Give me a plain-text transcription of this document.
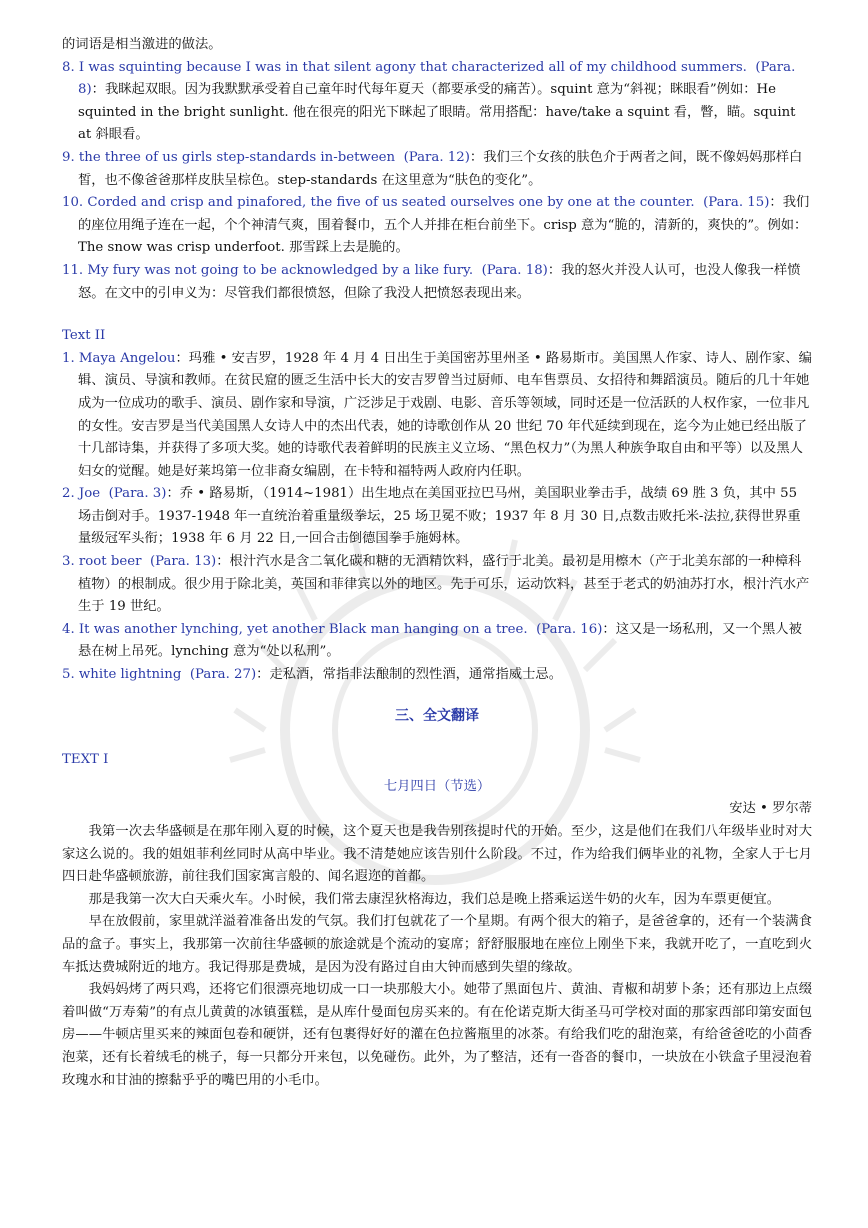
的词语是相当激进的做法。
8. I was squinting because I was in that silent agony that characterized all of my childhood summers. (Para. 8)：我眯起双眼。因为我默默承受着自己童年时代每年夏天（都要承受的痛苦）。squint 意为“斜视；眯眼看”例如：He squinted in the bright sunlight. 他在很亮的阳光下眯起了眼睛。常用搭配：have/take a squint 看，瞥，瞄。squint at 斜眼看。
9. the three of us girls step-standards in-between (Para. 12)：我们三个女孩的肤色介于两者之间，既不像妈妈那样白皙，也不像爸爸那样皮肤呈棕色。step-standards 在这里意为“肤色的变化”。
10. Corded and crisp and pinafored, the five of us seated ourselves one by one at the counter. (Para. 15)：我们的座位用绳子连在一起，个个神清气爽，围着餐巾，五个人并排在柜台前坐下。crisp 意为“脆的，清新的，爽快的”。例如：The snow was crisp underfoot. 那雪踩上去是脆的。
11. My fury was not going to be acknowledged by a like fury. (Para. 18)：我的怒火并没人认可，也没人像我一样愤怒。在文中的引申义为：尽管我们都很愤怒，但除了我没人把愤怒表现出来。
Text II
1. Maya Angelou：玛雅 • 安吉罗，1928 年 4 月 4 日出生于美国密苏里州圣 • 路易斯市。美国黑人作家、诗人、剧作家、编辑、演员、导演和教师。在贫民窟的匮乏生活中长大的安吉罗曾当过厨师、电车售票员、女招待和舞蹈演员。随后的几十年她成为一位成功的歌手、演员、剧作家和导演，广泛涉足于戏剧、电影、音乐等领域，同时还是一位活跃的人权作家，一位非凡的女性。安吉罗是当代美国黑人女诗人中的杰出代表，她的诗歌创作从 20 世纪 70 年代延续到现在，迄今为止她已经出版了十几部诗集，并获得了多项大奖。她的诗歌代表着鲜明的民族主义立场、“黑色权力”（为黑人种族争取自由和平等）以及黑人妇女的觉醒。她是好莱坞第一位非裔女编剧，在卡特和福特两人政府内任职。
2. Joe (Para. 3)：乔 • 路易斯，（1914~1981）出生地点在美国亚拉巴马州，美国职业拳击手，战绩 69 胜 3 负，其中 55 场击倒对手。1937-1948 年一直统治着重量级拳坛，25 场卫冕不败；1937 年 8 月 30 日,点数击败托米-法拉,获得世界重量级冠军头衔；1938 年 6 月 22 日,一回合击倒德国拳手施姆林。
3. root beer (Para. 13)：根汁汽水是含二氧化碳和糖的无酒精饮料，盛行于北美。最初是用檫木（产于北美东部的一种樟科植物）的根制成。很少用于除北美，英国和菲律宾以外的地区。先于可乐，运动饮料，甚至于老式的奶油苏打水，根汁汽水产生于 19 世纪。
4. It was another lynching, yet another Black man hanging on a tree. (Para. 16)：这又是一场私刑，又一个黑人被悬在树上吊死。lynching 意为“处以私刑”。
5. white lightning (Para. 27)：走私酒，常指非法酿制的烈性酒，通常指威士忌。
三、全文翻译
TEXT I
七月四日（节选）
安达 • 罗尔蒂
我第一次去华盛顿是在那年刚入夏的时候，这个夏天也是我告别孩提时代的开始。至少，这是他们在我们八年级毕业时对大家这么说的。我的姐姐菲利丝同时从高中毕业。我不清楚她应该告别什么阶段。不过，作为给我们俩毕业的礼物，全家人于七月四日赴华盛顿旅游，前往我们国家寓言般的、闻名遐迩的首都。
那是我第一次大白天乘火车。小时候，我们常去康涅狄格海边，我们总是晚上搭乘运送牛奶的火车，因为车票更便宜。
早在放假前，家里就洋溢着准备出发的气氛。我们打包就花了一个星期。有两个很大的箱子，是爸爸拿的，还有一个装满食品的盒子。事实上，我那第一次前往华盛顿的旅途就是个流动的宴席；舒舒服服地在座位上刚坐下来，我就开吃了，一直吃到火车抵达费城附近的地方。我记得那是费城，是因为没有路过自由大钟而感到失望的缘故。
我妈妈烤了两只鸡，还将它们很漂亮地切成一口一块那般大小。她带了黑面包片、黄油、青椒和胡萝卜条；还有那边上点缀着叫做“万寿菊”的有点儿黄黄的冰镇蛋糕，是从库什曼面包房买来的。有在伦诺克斯大街圣马可学校对面的那家西部印第安面包房——牛顿店里买来的辣面包卷和硬饼，还有包裹得好好的灌在色拉酱瓶里的冰茶。有给我们吃的甜泡菜，有给爸爸吃的小茴香泡菜，还有长着绒毛的桃子，每一只都分开来包，以免碰伤。此外，为了整洁，还有一沓沓的餐巾，一块放在小铁盒子里浸泡着玫瑰水和甘油的擦黏乎乎的嘴巴用的小毛巾。
